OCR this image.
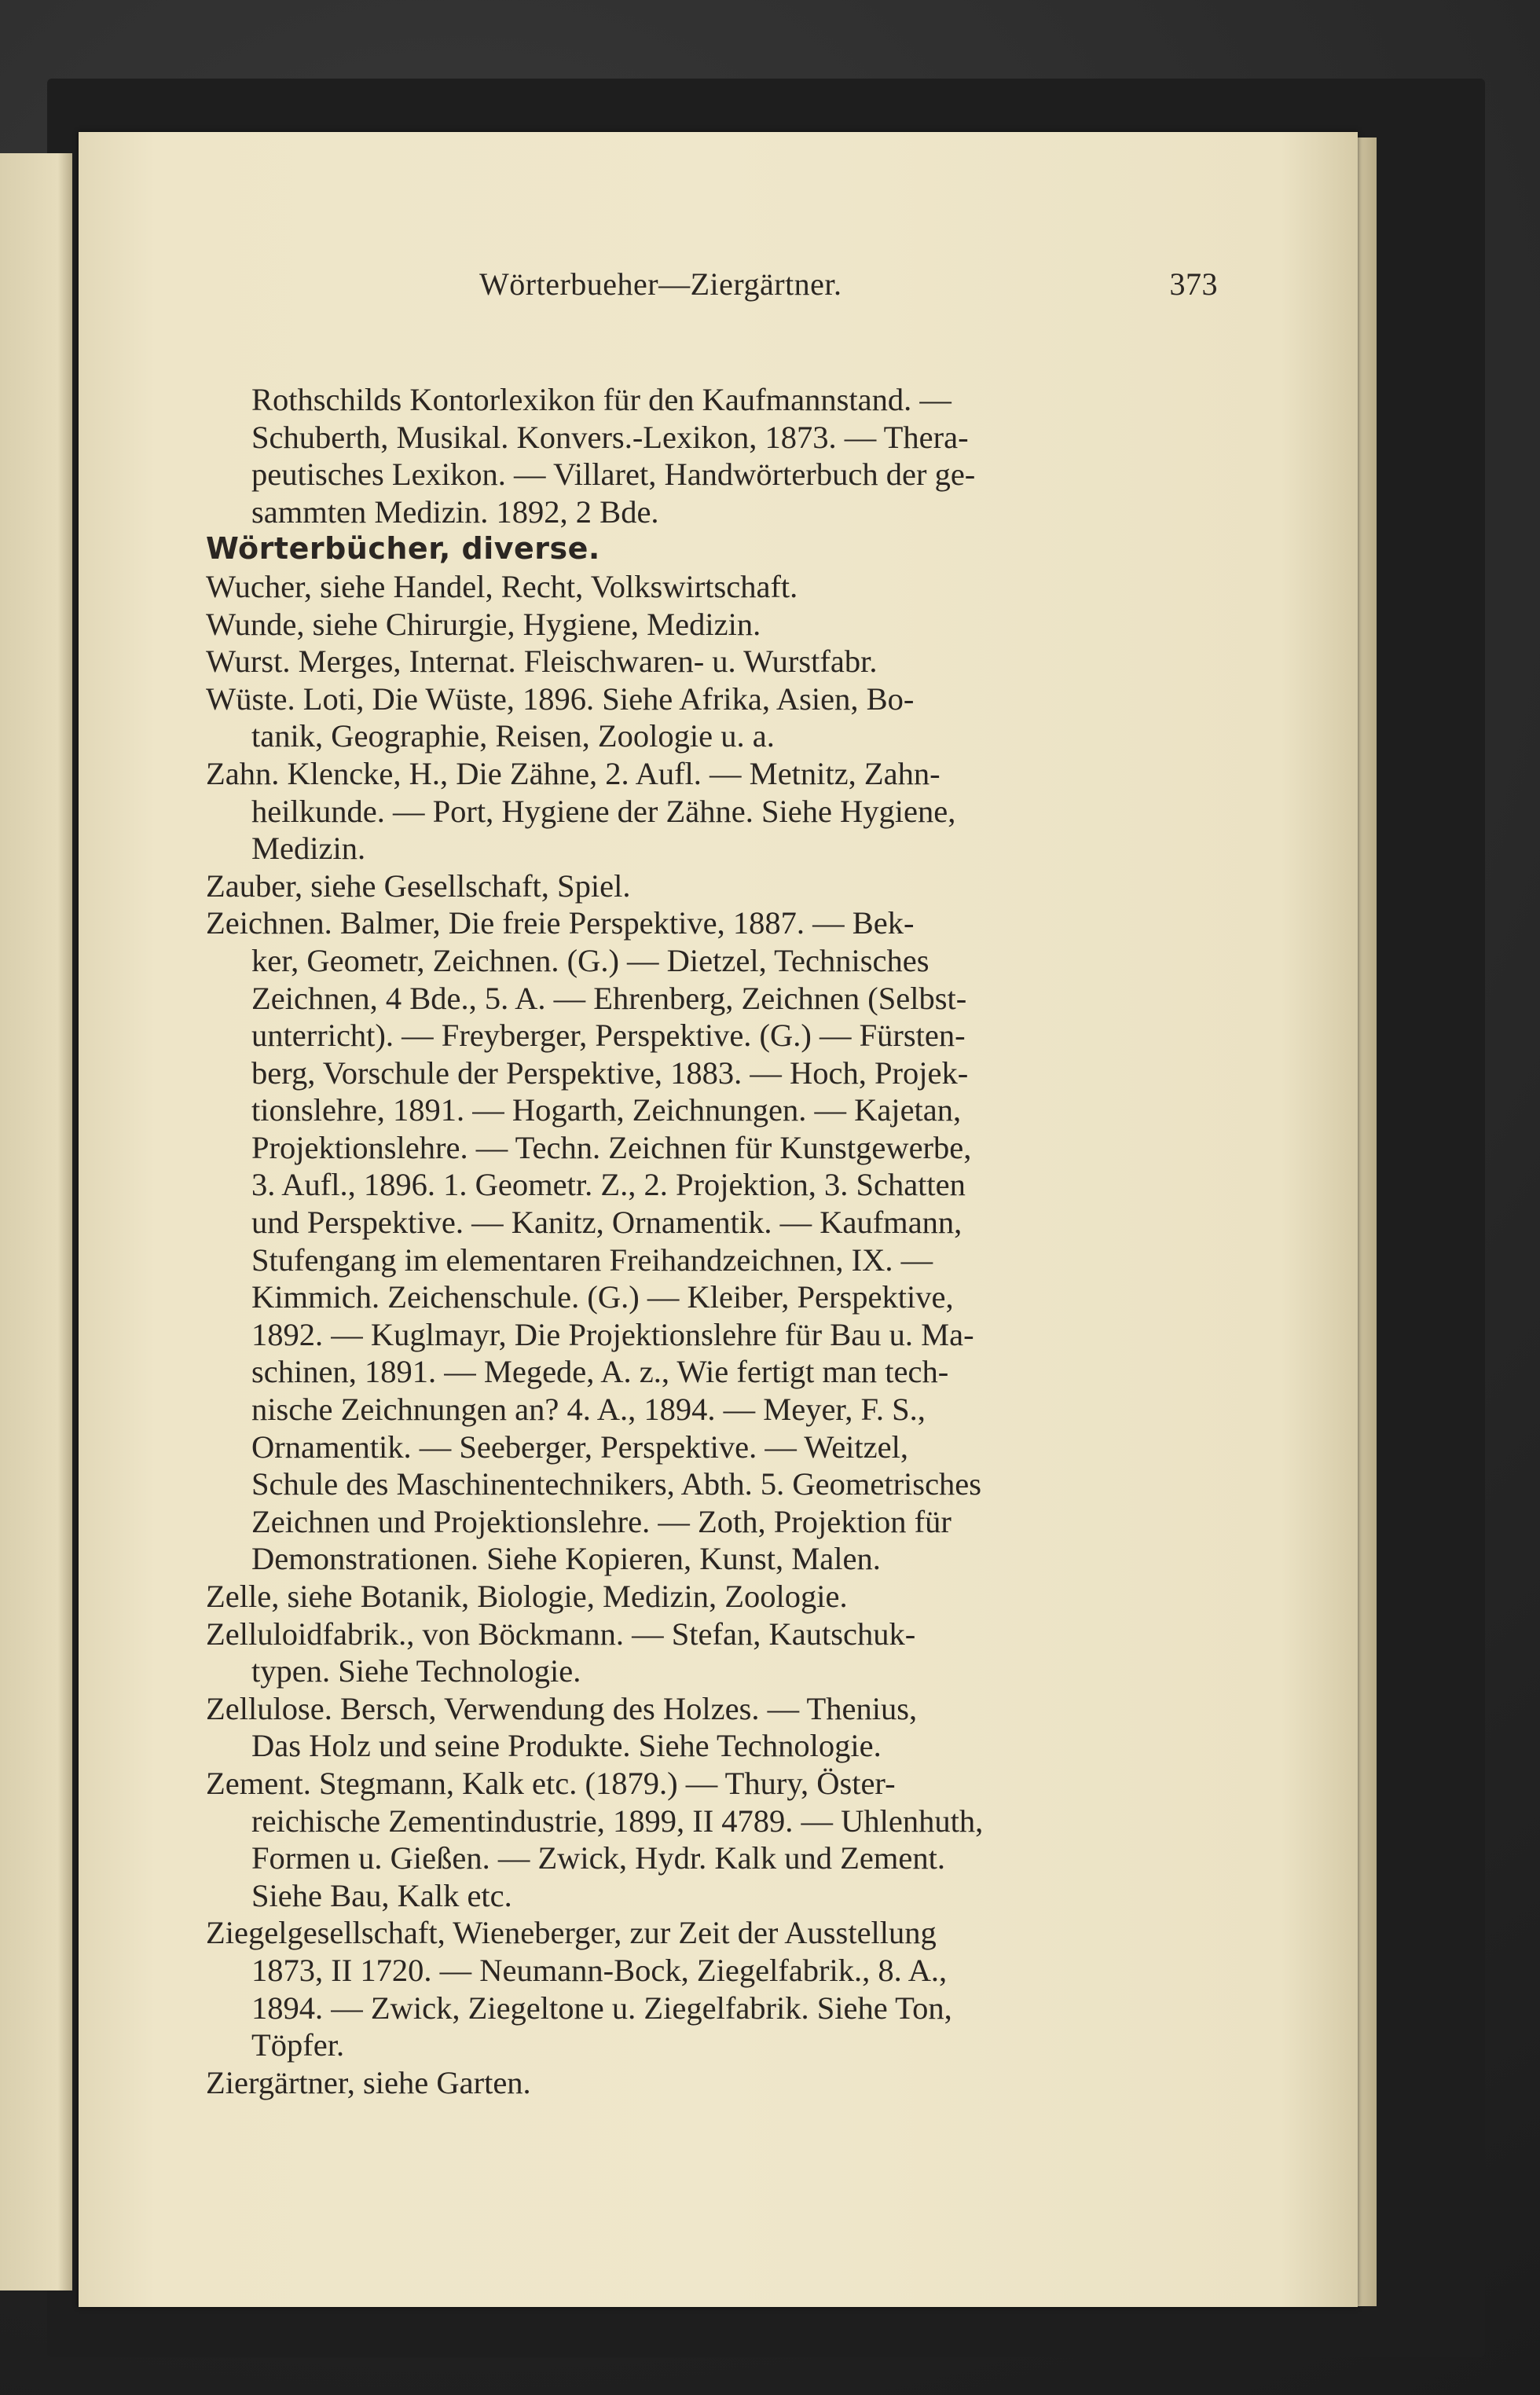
Wörterbueher—Ziergärtner.	373
Rothschilds Kontorlexikon für den Kaufmannstand. —
Schuberth, Musikal. Konvers.-Lexikon, 1873. — Thera-
peutisches Lexikon. — Villaret, Handwörterbuch der ge-
sammten Medizin. 1892, 2 Bde.
Wörterbücher, diverse.
Wucher, siehe Handel, Recht, Volkswirtschaft.
Wunde, siehe Chirurgie, Hygiene, Medizin.
Wurst. Merges, Internat. Fleischwaren- u. Wurstfabr.
Wüste. Loti, Die Wüste, 1896. Siehe Afrika, Asien, Bo-
tanik, Geographie, Reisen, Zoologie u. a.
Zahn. Klencke, H., Die Zähne, 2. Aufl. — Metnitz, Zahn-
heilkunde. — Port, Hygiene der Zähne. Siehe Hygiene,
Medizin.
Zauber, siehe Gesellschaft, Spiel.
Zeichnen. Balmer, Die freie Perspektive, 1887. — Bek-
ker, Geometr, Zeichnen. (G.) — Dietzel, Technisches
Zeichnen, 4 Bde., 5. A. — Ehrenberg, Zeichnen (Selbst-
unterricht). — Freyberger, Perspektive. (G.) — Fürsten-
berg, Vorschule der Perspektive, 1883. — Hoch, Projek-
tionslehre, 1891. — Hogarth, Zeichnungen. — Kajetan,
Projektionslehre. — Techn. Zeichnen für Kunstgewerbe,
3. Aufl., 1896. 1. Geometr. Z., 2. Projektion, 3. Schatten
und Perspektive. — Kanitz, Ornamentik. — Kaufmann,
Stufengang im elementaren Freihandzeichnen, IX. —
Kimmich. Zeichenschule. (G.) — Kleiber, Perspektive,
1892. — Kuglmayr, Die Projektionslehre für Bau u. Ma-
schinen, 1891. — Megede, A. z., Wie fertigt man tech-
nische Zeichnungen an? 4. A., 1894. — Meyer, F. S.,
Ornamentik. — Seeberger, Perspektive. — Weitzel,
Schule des Maschinentechnikers, Abth. 5. Geometrisches
Zeichnen und Projektionslehre. — Zoth, Projektion für
Demonstrationen. Siehe Kopieren, Kunst, Malen.
Zelle, siehe Botanik, Biologie, Medizin, Zoologie.
Zelluloidfabrik., von Böckmann. — Stefan, Kautschuk-
typen. Siehe Technologie.
Zellulose. Bersch, Verwendung des Holzes. — Thenius,
Das Holz und seine Produkte. Siehe Technologie.
Zement. Stegmann, Kalk etc. (1879.) — Thury, Öster-
reichische Zementindustrie, 1899, II 4789. — Uhlenhuth,
Formen u. Gießen. — Zwick, Hydr. Kalk und Zement.
Siehe Bau, Kalk etc.
Ziegelgesellschaft, Wieneberger, zur Zeit der Ausstellung
1873, II 1720. — Neumann-Bock, Ziegelfabrik., 8. A.,
1894. — Zwick, Ziegeltone u. Ziegelfabrik. Siehe Ton,
Töpfer.
Ziergärtner, siehe Garten.
